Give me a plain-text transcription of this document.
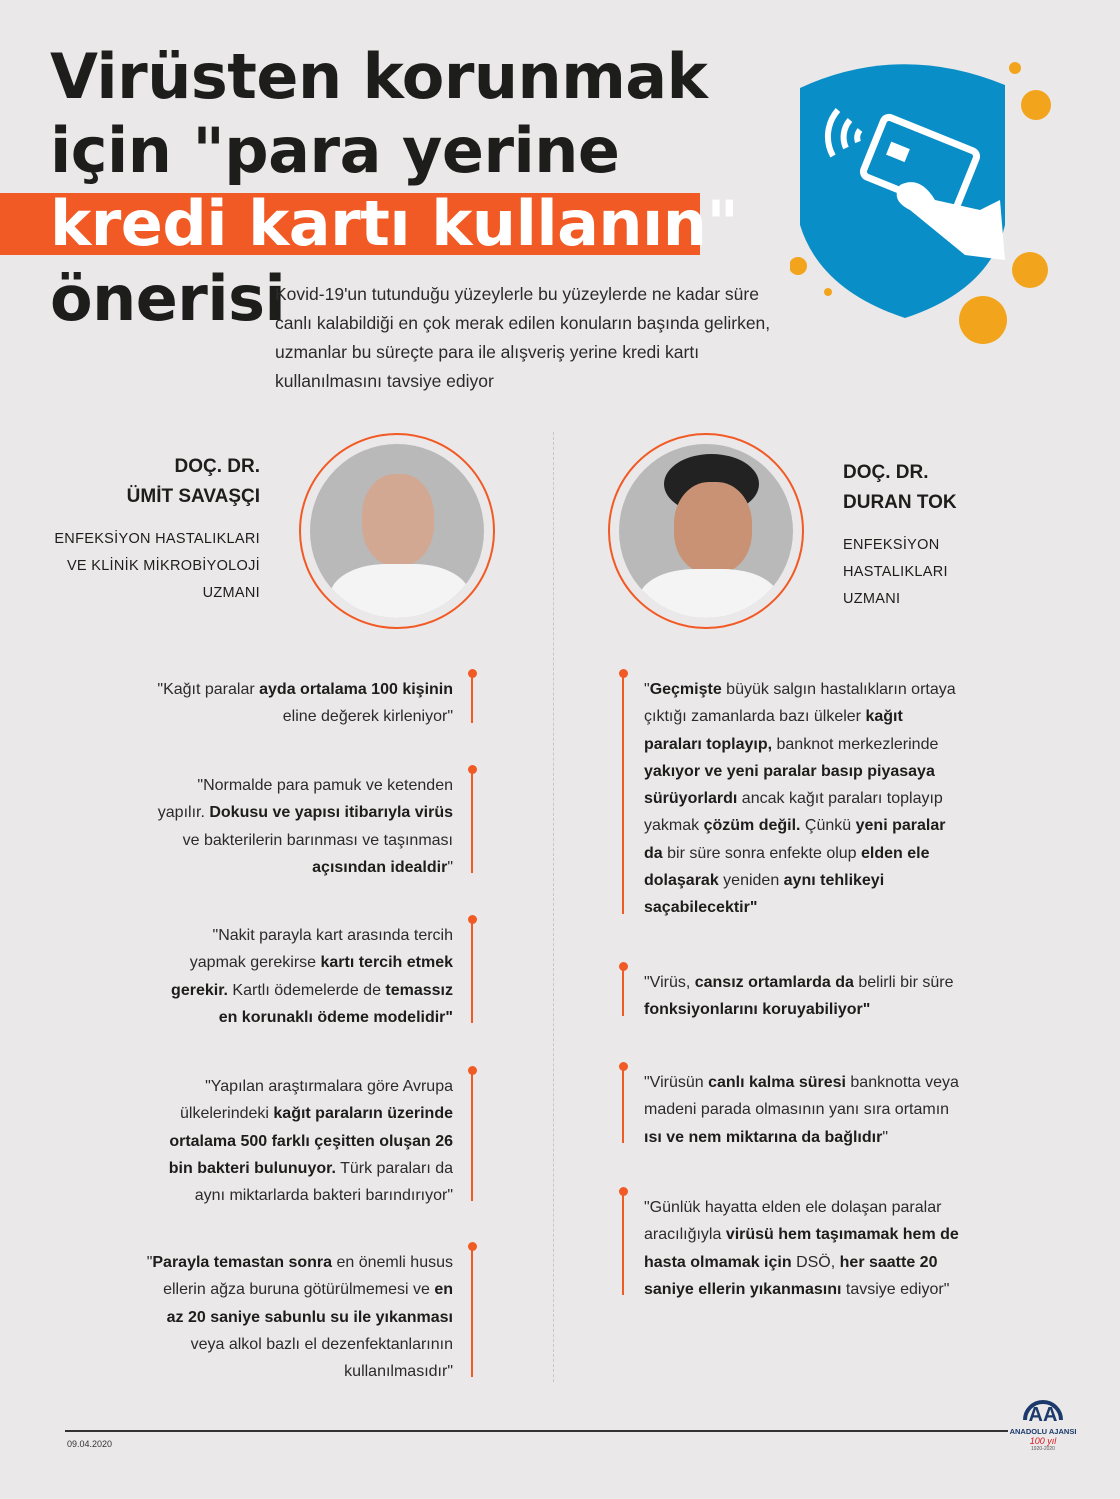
Virüsten korunmak
için "para yerine
kredi kartı kullanın"
önerisi
Kovid-19'un tutunduğu yüzeylerle bu yüzeylerde ne kadar süre canlı kalabildiği en çok merak edilen konuların başında gelirken, uzmanlar bu süreçte para ile alışveriş yerine kredi kartı kullanılmasını tavsiye ediyor
DOÇ. DR.
ÜMİT SAVAŞÇI
ENFEKSİYON HASTALIKLARI
VE KLİNİK MİKROBİYOLOJİ
UZMANI
DOÇ. DR.
DURAN TOK
ENFEKSİYON
HASTALIKLARI
UZMANI
"Kağıt paralar ayda ortalama 100 kişinin eline değerek kirleniyor"
"Normalde para pamuk ve ketenden yapılır. Dokusu ve yapısı itibarıyla virüs ve bakterilerin barınması ve taşınması açısından idealdir"
"Nakit parayla kart arasında tercih yapmak gerekirse kartı tercih etmek gerekir. Kartlı ödemelerde de temassız en korunaklı ödeme modelidir"
"Yapılan araştırmalara göre Avrupa ülkelerindeki kağıt paraların üzerinde ortalama 500 farklı çeşitten oluşan 26 bin bakteri bulunuyor. Türk paraları da aynı miktarlarda bakteri barındırıyor"
"Parayla temastan sonra en önemli husus ellerin ağza buruna götürülmemesi ve en az 20 saniye sabunlu su ile yıkanması veya alkol bazlı el dezenfektanlarının kullanılmasıdır"
"Geçmişte büyük salgın hastalıkların ortaya çıktığı zamanlarda bazı ülkeler kağıt paraları toplayıp, banknot merkezlerinde yakıyor ve yeni paralar basıp piyasaya sürüyorlardı ancak kağıt paraları toplayıp yakmak çözüm değil. Çünkü yeni paralar da bir süre sonra enfekte olup elden ele dolaşarak yeniden aynı tehlikeyi saçabilecektir"
"Virüs, cansız ortamlarda da belirli bir süre fonksiyonlarını koruyabiliyor"
"Virüsün canlı kalma süresi banknotta veya madeni parada olmasının yanı sıra ortamın ısı ve nem miktarına da bağlıdır"
"Günlük hayatta elden ele dolaşan paralar aracılığıyla virüsü hem taşımamak hem de hasta olmamak için DSÖ, her saatte 20 saniye ellerin yıkanmasını tavsiye ediyor"
09.04.2020
AA
ANADOLU AJANSI
100 yıl
1920-2020
